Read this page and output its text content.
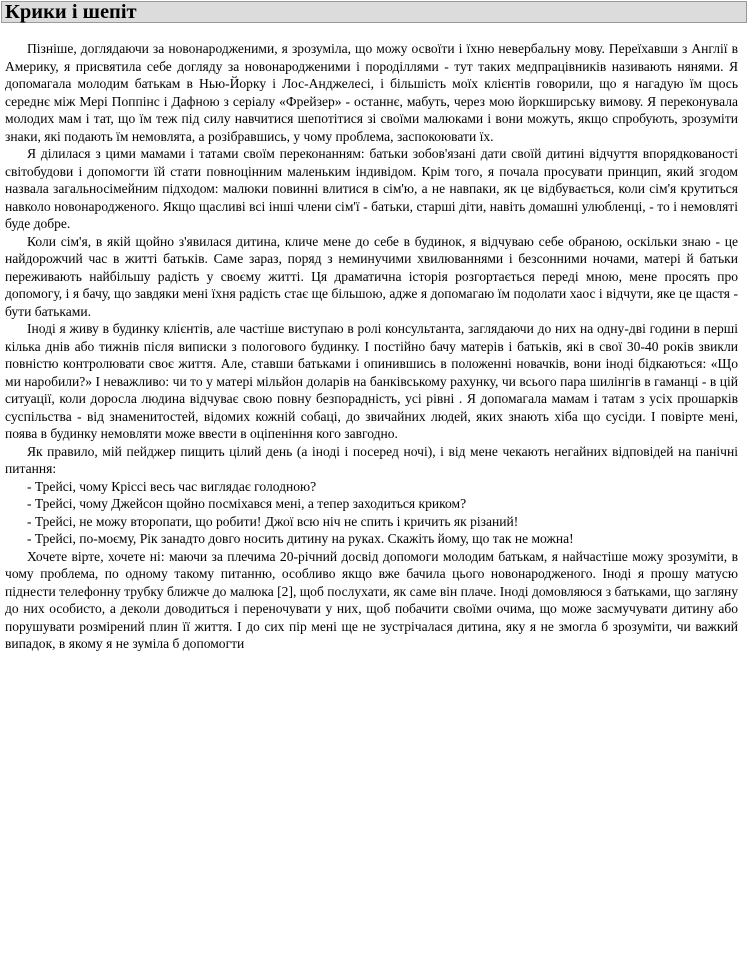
Крики і шепіт

Пізніше, доглядаючи за новонародженими, я зрозуміла, що можу освоїти і їхню невербальну мову. Переїхавши з Англії в Америку, я присвятила себе догляду за новонародженими і породіллями - тут таких медпрацівників називають нянями. Я допомагала молодим батькам в Нью-Йорку і Лос-Анджелесі, і більшість моїх клієнтів говорили, що я нагадую їм щось середнє між Мері Поппінс і Дафною з серіалу «Фрейзер» - останнє, мабуть, через мою йоркширську вимову. Я переконувала молодих мам і тат, що їм теж під силу навчитися шепотітися зі своїми малюками і вони можуть, якщо спробують, зрозуміти знаки, які подають їм немовлята, а розібравшись, у чому проблема, заспокоювати їх.

Я ділилася з цими мамами і татами своїм переконанням: батьки зобов'язані дати своїй дитині відчуття впорядкованості світобудови і допомогти їй стати повноцінним маленьким індивідом. Крім того, я почала просувати принцип, який згодом назвала загальносімейним підходом: малюки повинні влитися в сім'ю, а не навпаки, як це відбувається, коли сім'я крутиться навколо новонародженого. Якщо щасливі всі інші члени сім'ї - батьки, старші діти, навіть домашні улюбленці, - то і немовляті буде добре.

Коли сім'я, в якій щойно з'явилася дитина, кличе мене до себе в будинок, я відчуваю себе обраною, оскільки знаю - це найдорожчий час в житті батьків. Саме зараз, поряд з неминучими хвилюваннями і безсонними ночами, матері й батьки переживають найбільшу радість у своєму житті. Ця драматична історія розгортається переді мною, мене просять про допомогу, і я бачу, що завдяки мені їхня радість стає ще більшою, адже я допомагаю їм подолати хаос і відчути, яке це щастя - бути батьками.

Іноді я живу в будинку клієнтів, але частіше виступаю в ролі консультанта, заглядаючи до них на одну-дві години в перші кілька днів або тижнів після виписки з пологового будинку. І постійно бачу матерів і батьків, які в свої 30-40 років звикли повністю контролювати своє життя. Але, ставши батьками і опинившись в положенні новачків, вони іноді бідкаються: «Що ми наробили?» І неважливо: чи то у матері мільйон доларів на банківському рахунку, чи всього пара шилінгів в гаманці - в цій ситуації, коли доросла людина відчуває свою повну безпорадність, усі рівні . Я допомагала мамам і татам з усіх прошарків суспільства - від знаменитостей, відомих кожній собаці, до звичайних людей, яких знають хіба що сусіди. І повірте мені, поява в будинку немовляти може ввести в оціпеніння кого завгодно.

Як правило, мій пейджер пищить цілий день (а іноді і посеред ночі), і від мене чекають негайних відповідей на панічні питання:

- Трейсі, чому Кріссі весь час виглядає голодною?

- Трейсі, чому Джейсон щойно посміхався мені, а тепер заходиться криком?

- Трейсі, не можу второпати, що робити! Джої всю ніч не спить і кричить як різаний!

- Трейсі, по-моєму, Рік занадто довго носить дитину на руках. Скажіть йому, що так не можна!

Хочете вірте, хочете ні: маючи за плечима 20-річний досвід допомоги молодим батькам, я найчастіше можу зрозуміти, в чому проблема, по одному такому питанню, особливо якщо вже бачила цього новонародженого. Іноді я прошу матусю піднести телефонну трубку ближче до малюка [2], щоб послухати, як саме він плаче. Іноді домовляюся з батьками, що загляну до них особисто, а деколи доводиться і переночувати у них, щоб побачити своїми очима, що може засмучувати дитину або порушувати розмірений плин її життя. І до сих пір мені ще не зустрічалася дитина, яку я не змогла б зрозуміти, чи важкий випадок, в якому я не зуміла б допомогти
